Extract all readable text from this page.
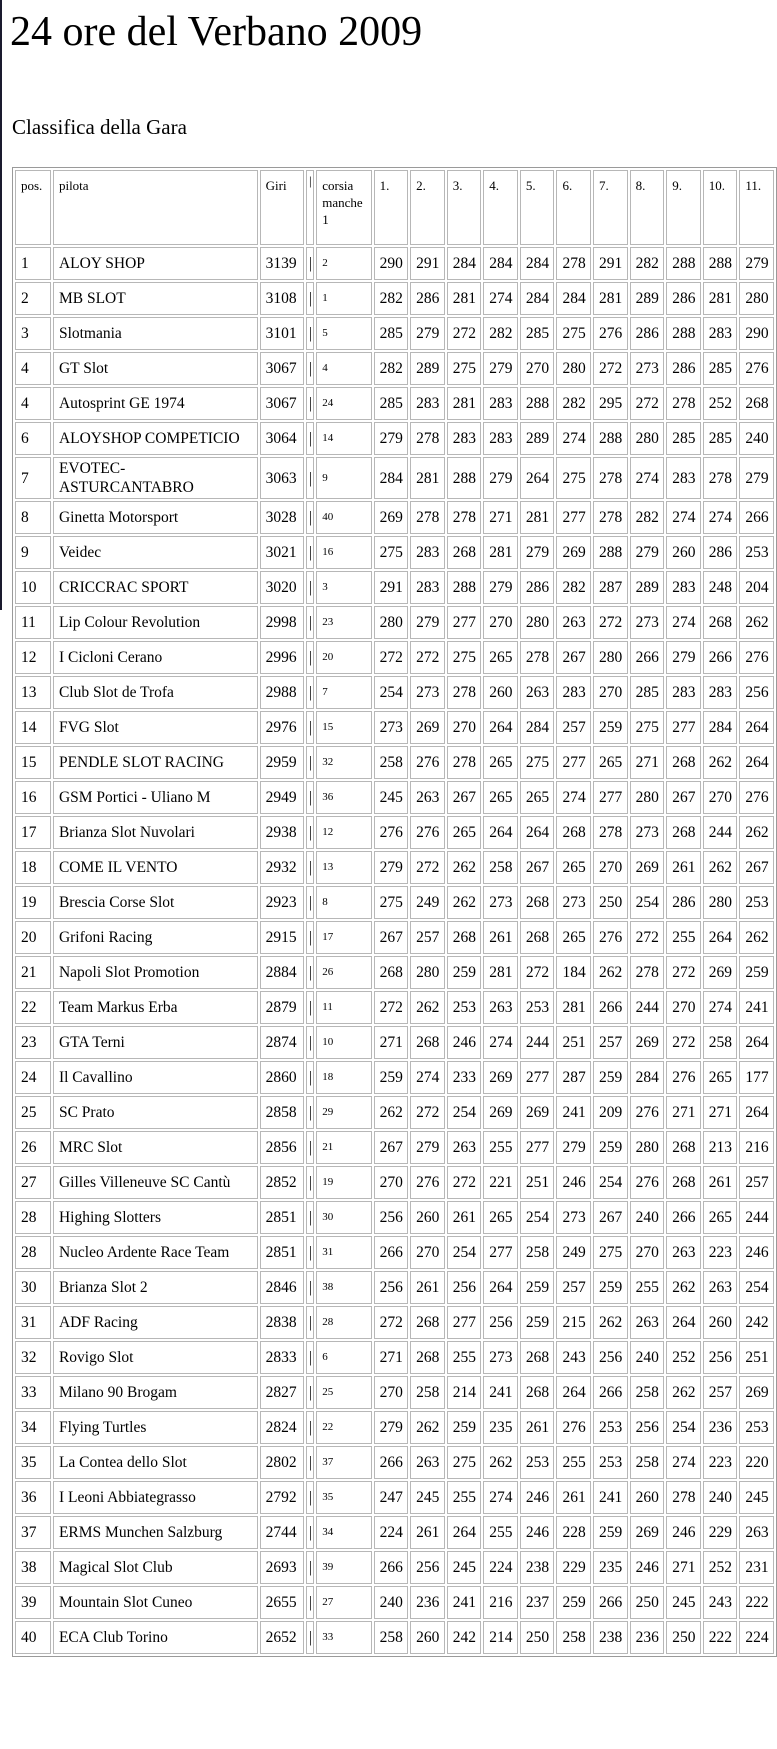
24 ore del Verbano 2009

Classifica della Gara

pos.	pilota	Giri	|	corsia manche 1	1.	2.	3.	4.	5.	6.	7.	8.	9.	10.	11.
1	ALOY SHOP	3139	|	2	290	291	284	284	284	278	291	282	288	288	279
2	MB SLOT	3108	|	1	282	286	281	274	284	284	281	289	286	281	280
3	Slotmania	3101	|	5	285	279	272	282	285	275	276	286	288	283	290
4	GT Slot	3067	|	4	282	289	275	279	270	280	272	273	286	285	276
4	Autosprint GE 1974	3067	|	24	285	283	281	283	288	282	295	272	278	252	268
6	ALOYSHOP COMPETICIO	3064	|	14	279	278	283	283	289	274	288	280	285	285	240
7	EVOTEC-ASTURCANTABRO	3063	|	9	284	281	288	279	264	275	278	274	283	278	279
8	Ginetta Motorsport	3028	|	40	269	278	278	271	281	277	278	282	274	274	266
9	Veidec	3021	|	16	275	283	268	281	279	269	288	279	260	286	253
10	CRICCRAC SPORT	3020	|	3	291	283	288	279	286	282	287	289	283	248	204
11	Lip Colour Revolution	2998	|	23	280	279	277	270	280	263	272	273	274	268	262
12	I Cicloni Cerano	2996	|	20	272	272	275	265	278	267	280	266	279	266	276
13	Club Slot de Trofa	2988	|	7	254	273	278	260	263	283	270	285	283	283	256
14	FVG Slot	2976	|	15	273	269	270	264	284	257	259	275	277	284	264
15	PENDLE SLOT RACING	2959	|	32	258	276	278	265	275	277	265	271	268	262	264
16	GSM Portici - Uliano M	2949	|	36	245	263	267	265	265	274	277	280	267	270	276
17	Brianza Slot Nuvolari	2938	|	12	276	276	265	264	264	268	278	273	268	244	262
18	COME IL VENTO	2932	|	13	279	272	262	258	267	265	270	269	261	262	267
19	Brescia Corse Slot	2923	|	8	275	249	262	273	268	273	250	254	286	280	253
20	Grifoni Racing	2915	|	17	267	257	268	261	268	265	276	272	255	264	262
21	Napoli Slot Promotion	2884	|	26	268	280	259	281	272	184	262	278	272	269	259
22	Team Markus Erba	2879	|	11	272	262	253	263	253	281	266	244	270	274	241
23	GTA Terni	2874	|	10	271	268	246	274	244	251	257	269	272	258	264
24	Il Cavallino	2860	|	18	259	274	233	269	277	287	259	284	276	265	177
25	SC Prato	2858	|	29	262	272	254	269	269	241	209	276	271	271	264
26	MRC Slot	2856	|	21	267	279	263	255	277	279	259	280	268	213	216
27	Gilles Villeneuve SC Cantù	2852	|	19	270	276	272	221	251	246	254	276	268	261	257
28	Highing Slotters	2851	|	30	256	260	261	265	254	273	267	240	266	265	244
28	Nucleo Ardente Race Team	2851	|	31	266	270	254	277	258	249	275	270	263	223	246
30	Brianza Slot 2	2846	|	38	256	261	256	264	259	257	259	255	262	263	254
31	ADF Racing	2838	|	28	272	268	277	256	259	215	262	263	264	260	242
32	Rovigo Slot	2833	|	6	271	268	255	273	268	243	256	240	252	256	251
33	Milano 90 Brogam	2827	|	25	270	258	214	241	268	264	266	258	262	257	269
34	Flying Turtles	2824	|	22	279	262	259	235	261	276	253	256	254	236	253
35	La Contea dello Slot	2802	|	37	266	263	275	262	253	255	253	258	274	223	220
36	I Leoni Abbiategrasso	2792	|	35	247	245	255	274	246	261	241	260	278	240	245
37	ERMS Munchen Salzburg	2744	|	34	224	261	264	255	246	228	259	269	246	229	263
38	Magical Slot Club	2693	|	39	266	256	245	224	238	229	235	246	271	252	231
39	Mountain Slot Cuneo	2655	|	27	240	236	241	216	237	259	266	250	245	243	222
40	ECA Club Torino	2652	|	33	258	260	242	214	250	258	238	236	250	222	224
